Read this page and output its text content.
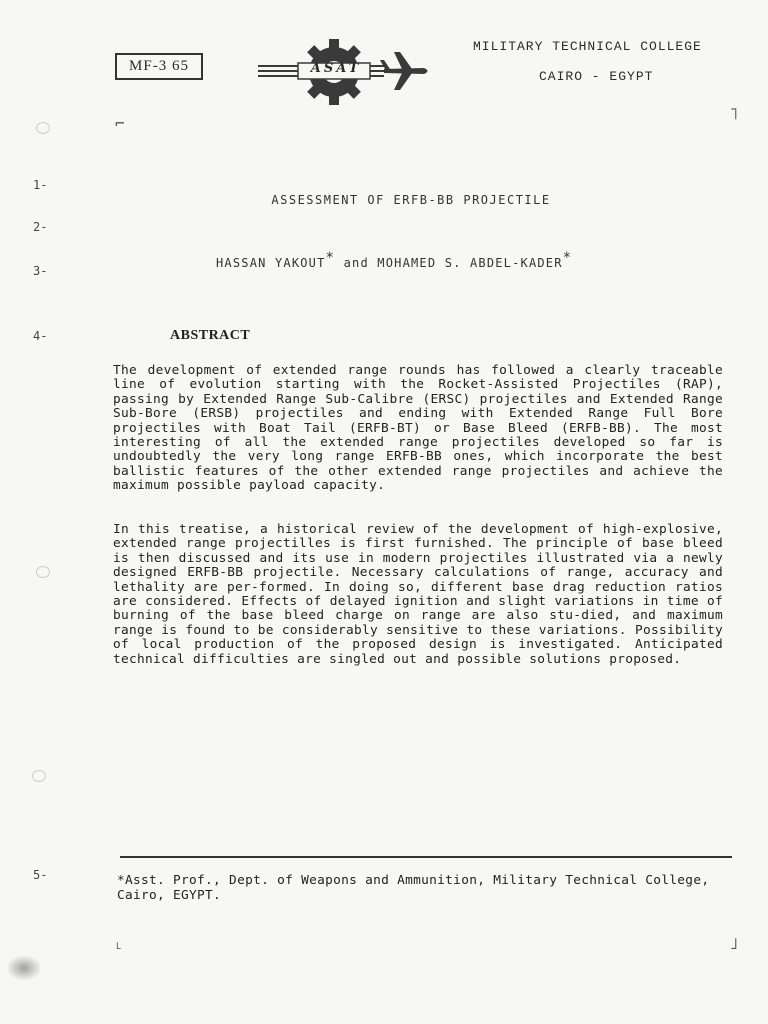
MF-3 65	ASAT
MILITARY TECHNICAL COLLEGE
CAIRO - EGYPT
⌐
˥
ASSESSMENT OF ERFB-BB PROJECTILE
HASSAN YAKOUT* and MOHAMED S. ABDEL-KADER*
1-
2-
3-
4-
5-
ABSTRACT
The development of extended range rounds has followed a clearly traceable line of evolution starting with the Rocket-Assisted Projectiles (RAP), passing by Extended Range Sub-Calibre (ERSC) projectiles and Extended Range Sub-Bore (ERSB) projectiles and ending with Extended Range Full Bore projectiles with Boat Tail (ERFB-BT) or Base Bleed (ERFB-BB). The most interesting of all the extended range projectiles developed so far is undoubtedly the very long range ERFB-BB ones, which incorporate the best ballistic features of the other extended range projectiles and achieve the maximum possible payload capacity.
In this treatise, a historical review of the development of high-explosive, extended range projectilles is first furnished. The principle of base bleed is then discussed and its use in modern projectiles illustrated via a newly designed ERFB-BB projectile. Necessary calculations of range, accuracy and lethality are per-formed. In doing so, different base drag reduction ratios are considered. Effects of delayed ignition and slight variations in time of burning of the base bleed charge on range are also stu-died, and maximum range is found to be considerably sensitive to these variations. Possibility of local production of the proposed design is investigated. Anticipated technical difficulties are singled out and possible solutions proposed.
*Asst. Prof., Dept. of Weapons and Ammunition, Military Technical College, Cairo, EGYPT.
˪	˩
